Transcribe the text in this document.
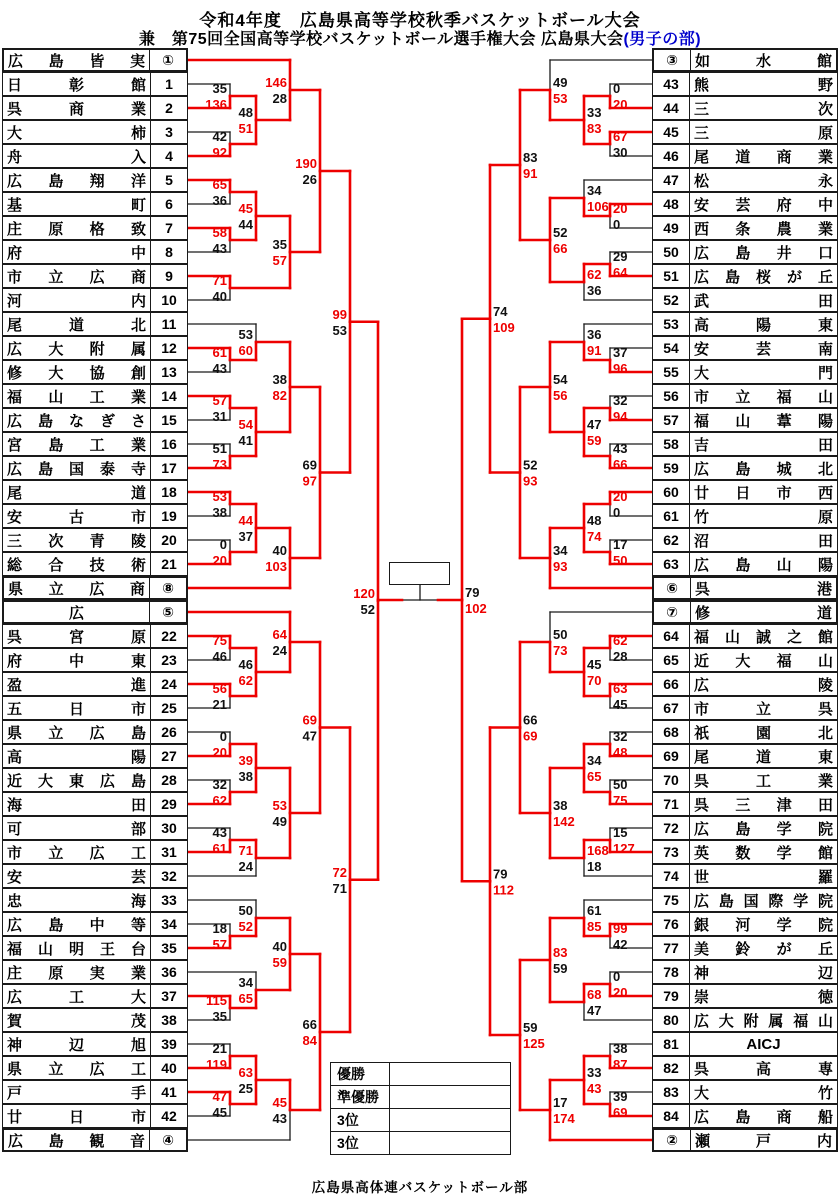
令和4年度　広島県高等学校秋季バスケットボール大会
兼　第75回全国高等学校バスケットボール選手権大会 広島県大会(男子の部)
35
136
42
92
48
51
146
28
65
36
58
43
45
44
71
40
35
57
190
26
61
43
53
60
57
31
51
73
54
41
38
82
53
38
0
20
44
37
40
103
69
97
99
53
75
46
56
21
46
62
64
24
0
20
32
62
39
38
43
61 71
24
53
49
69
47
18
57
50
52
115
35
34
65
40
59
21
119
47
45
63
25
45
43
66
84
72
71
120
52
0
20
67
30
33
83
49
53
20
0
34
106
29
64
62
36
52
66
83
91
37
96
36
91
32
94
43
66
47
59
54
56
20
0
17
50
48
74
34
93
52
93
74
109
62
28
63
45
45
70
50
73
32
48
50
75
34
65
15
127
168
18
38
142
66
69
99
42
61
85
0
20
68
47
83
59
38
87
39
69
33
43
17
174
59
125
79
112
79
102
広 島 皆 実	①
日	彰	館	1
呉	商	業	2
大	柿	3
舟	入	4
広 島 翔 洋	5
基	町	6
庄 原 格 致	7
府	中	8
市 立 広 商	9
河	内	10
尾	道	北	11
広 大 附 属	12
修 大 協 創	13
福 山 工 業	14
広 島 な ぎ さ	15
宮 島 工 業	16
広 島 国 泰 寺	17
尾	道	18
安	古	市	19
三 次 青 陵	20
総 合 技 術	21
県 立 広 商	⑧
広	⑤
呉	宮	原	22
府	中	東	23
盈	進	24
五	日	市	25
県 立 広 島	26
高	陽	27
近 大 東 広 島	28
海	田	29
可	部	30
市 立 広 工	31
安	芸	32
忠	海	33
広 島 中 等	34
福 山 明 王 台	35
庄 原 実 業	36
広	工	大	37
賀	茂	38
神	辺	旭	39
県 立 広 工	40
戸	手	41
廿	日	市	42
広 島 観 音	④
③	如	水	館
43	熊	野
44	三	次
45	三	原
46	尾 道 商 業
47	松	永
48	安 芸 府 中
49	西 条 農 業
50	広 島 井 口
51	広 島 桜 が 丘
52	武	田
53	高	陽	東
54	安	芸	南
55	大	門
56	市 立 福 山
57	福 山 葦 陽
58	吉	田
59	広 島 城 北
60	廿 日 市 西
61	竹	原
62	沼	田
63	広 島 山 陽
⑥	呉	港
⑦	修	道
64	福 山 誠 之 館
65	近 大 福 山
66	広	陵
67	市	立	呉
68	祇	園	北
69	尾	道	東
70	呉	工	業
71	呉 三 津 田
72	広 島 学 院
73	英 数 学 館
74	世	羅
75	広 島 国 際 学 院
76	銀 河 学 院
77	美 鈴 が 丘
78	神	辺
79	崇	徳
80	広 大 附 属 福 山
81	AICJ
82	呉	高	専
83	大	竹
84	広 島 商 船
②	瀬	戸	内
優勝
準優勝
3位
3位
広島県高体連バスケットボール部
